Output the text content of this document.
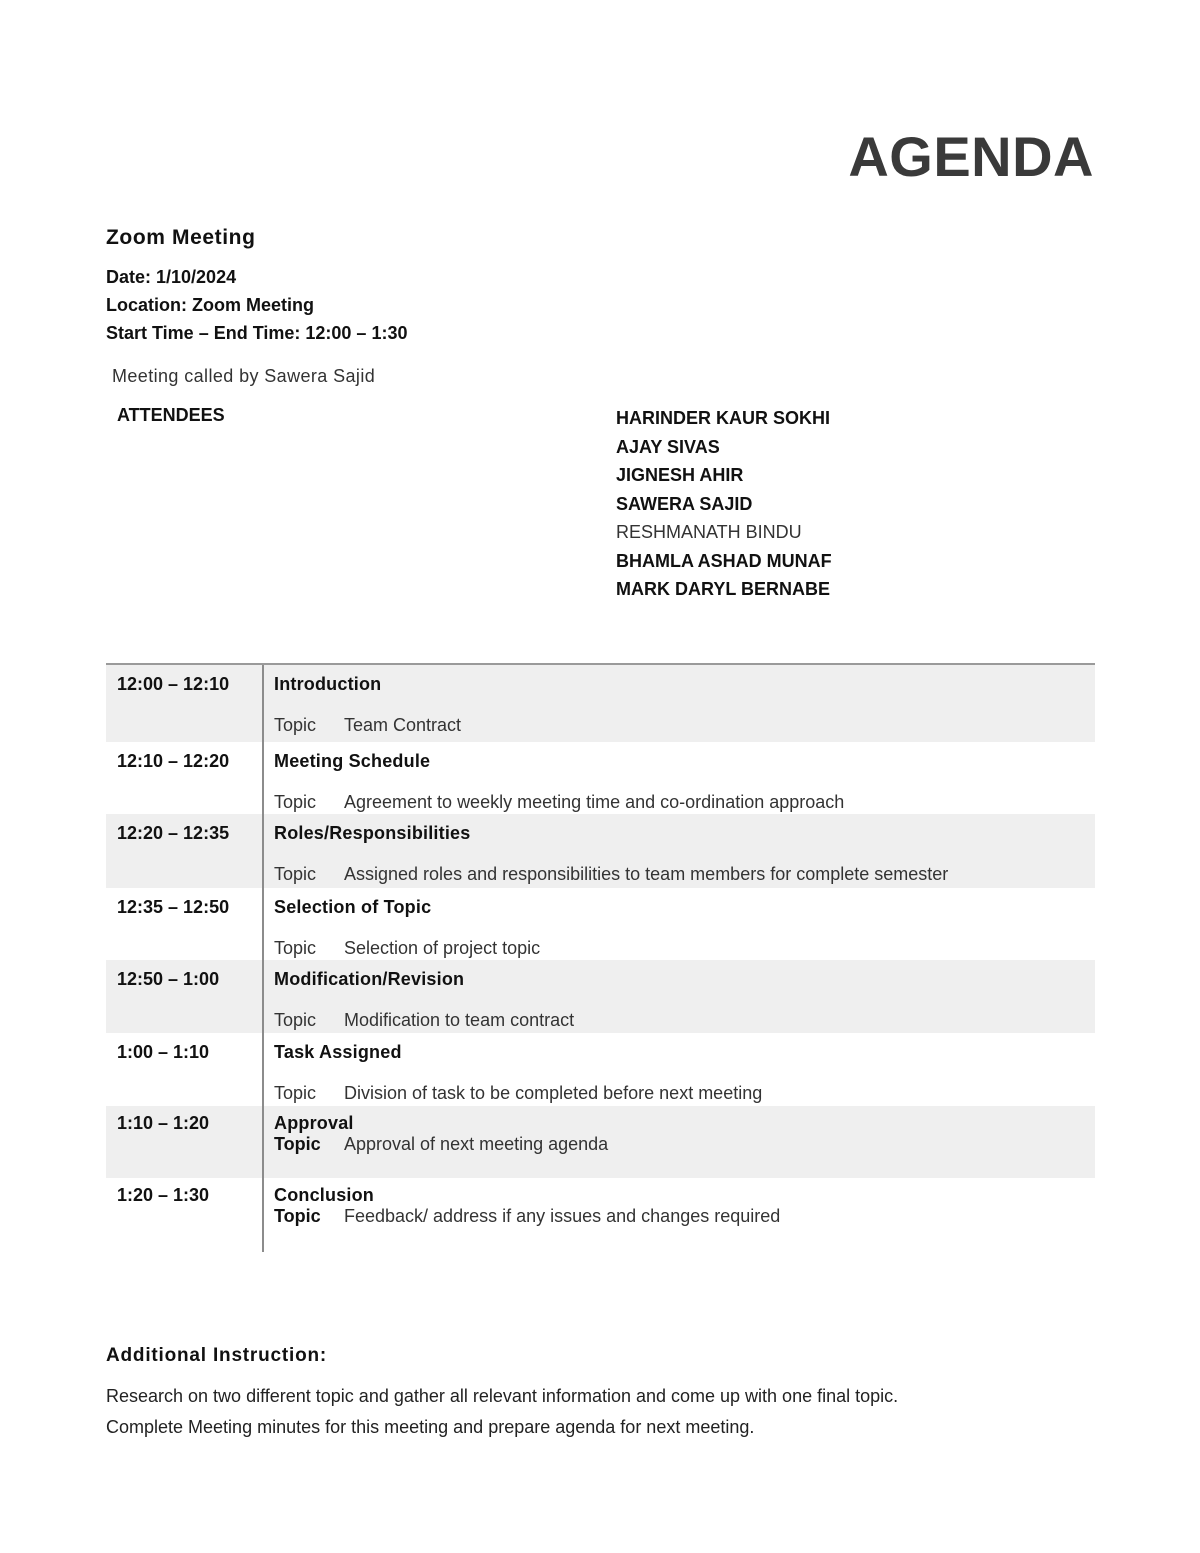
AGENDA
Zoom Meeting
Date: 1/10/2024
Location: Zoom Meeting
Start Time – End Time: 12:00 – 1:30
Meeting called by Sawera Sajid
ATTENDEES	HARINDER KAUR SOKHI
AJAY SIVAS
JIGNESH AHIR
SAWERA SAJID
RESHMANATH BINDU
BHAMLA ASHAD MUNAF
MARK DARYL BERNABE
12:00 – 12:10	Introduction
Topic Team Contract
12:10 – 12:20	Meeting Schedule
Topic Agreement to weekly meeting time and co-ordination approach
12:20 – 12:35	Roles/Responsibilities
Topic Assigned roles and responsibilities to team members for complete semester
12:35 – 12:50	Selection of Topic
Topic Selection of project topic
12:50 – 1:00	Modification/Revision
Topic Modification to team contract
1:00 – 1:10	Task Assigned
Topic Division of task to be completed before next meeting
1:10 – 1:20	Approval
Topic Approval of next meeting agenda
1:20 – 1:30	Conclusion
Topic Feedback/ address if any issues and changes required
Additional Instruction:
Research on two different topic and gather all relevant information and come up with one final topic.
Complete Meeting minutes for this meeting and prepare agenda for next meeting.
